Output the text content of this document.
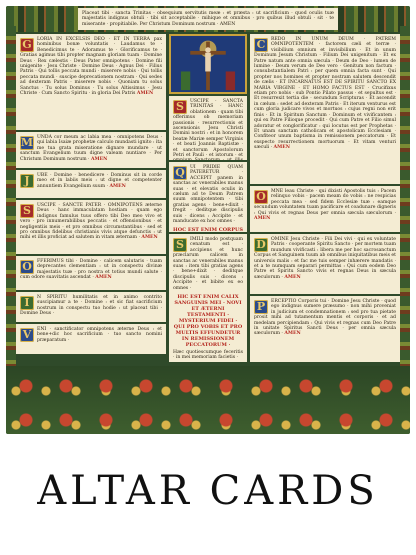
Placeat tibi · sancta Trinitas · obsequium servitutis meæ : et præsta : ut sacrificium · quod oculis tuæ majestatis indignus obtuli · tibi sit acceptabile · mihique et omnibus · pro quibus illud obtuli · sit · te miserante · propitiabile. Per Christum Dominum nostrum · AMEN

G	LORIA IN EXCELSIS DEO · ET IN TERRA pax hominibus bonæ voluntatis · Laudamus te · Benedicimus te · Adoramus te · Glorificamus te · Gratias agimus tibi propter magnam gloriam tuam · Domine Deus · Rex cælestis · Deus Pater omnipotens · Domine fili unigenite · Jesu Christe · Domine Deus · Agnus Dei · Filius Patris · Qui tollis peccata mundi · miserere nobis · Qui tollis peccata mundi · suscipe deprecationem nostram · Qui sedes ad dexteram Patris · miserere nobis · Quoniam tu solus Sanctus · Tu solus Dominus · Tu solus Altissimus · Jesu Christe · Cum Sancto Spiritu · in gloria Dei Patris AMEN

M UNDA cor meum ac labia mea · omnipotens Deus · qui labia Isaiæ prophetæ calculo mundasti ignito : ita me tua grata miseratione dignare mundare · ut sanctum Evangelium tuum digne valeam nuntiare · Per Christum Dominum nostrum · AMEN

J	UBE · Domine · benedicere · Dominus sit in corde meo et in labiis meis : ut digne et competenter annuntiem Evangelium suum · AMEN

S	USCIPE · SANCTE PATER · OMNIPOTENS æterne Deus · hanc immaculatam hostiam · quam ego indignus famulus tuus offero tibi Deo meo vivo et vero · pro innumerabilibus peccatis · et offensionibus · et negligentiis meis · et pro omnibus circumstantibus · sed et pro omnibus fidelibus christianis vivis atque defunctis : ut mihi et illis proficiat ad salutem in vitam æternam · AMEN

O	FFERIMUS tibi · Domine · calicem salutaris · tuam deprecantes clementiam : ut in conspectu divinæ majestatis tuæ · pro nostra et totius mundi salute · cum odore suavitatis ascendat · AMEN

I	N SPIRITU humilitatis et in animo contrito suscipiamur a te · Domine : et sic fiat sacrificium nostrum in conspectu tuo hodie : ut placeat tibi · Domine Deus ·

V	ENI · sanctificator omnipotens æterne Deus : et bene+dic hoc sacrificium · tuo sancto nomini præparatum ·

S	USCIPE · SANCTA TRINITAS · HANC oblationem · quam tibi offerimus ob memoriam passionis · resurrectionis et ascensionis Jesu Christi Domini nostri : et in honorem beatæ Mariæ semper Virginis · et beati Joannis Baptistæ · et sanctorum Apostolorum Petri et Pauli · et istorum · et

Q	UI PRIDIE QUAM PATERETUR · ACCEPIT panem in sanctas ac venerabiles manus suas · et elevatis oculis in cælum ad te Deum Patrem suum omnipotentem · tibi gratias agens · bene+dixit · fregit · deditque discipulis suis · dicens : Accipite · et manducate ex hoc omnes ·

HOC EST ENIM CORPUS
S	IMILI modo postquam cenatum est · accipiens et hunc præclarum calicem in sanctas ac venerabiles manus suas : item tibi gratias agens · bene+dixit · deditque discipulis suis · dicens : Accipite · et bibite ex eo omnes ·

HIC EST ENIM CALIX SANGUINIS MEI · NOVI ET ÆTERNI TESTAMENTI · MYSTERIUM FIDEI · QUI PRO VOBIS ET PRO MULTIS EFFUNDETUR IN REMISSIONEM PECCATORUM ·

Hæc quotiescumque feceritis · in mei memoriam facietis ·

C	REDO IN UNUM DEUM · PATREM OMNIPOTENTEM · factorem cæli et terræ · visibilium omnium et invisibilium · Et in unum Dominum Jesum Christum · Filium Dei unigenitum · Et ex Patre natum ante omnia sæcula · Deum de Deo · lumen de lumine · Deum verum de Deo vero · Genitum non factum · consubstantialem Patri : per quem omnia facta sunt · Qui propter nos homines et propter nostram salutem descendit de cælis · ET INCARNATUS EST DE SPIRITU SANCTO EX MARIA VIRGINE · ET HOMO FACTUS EST · Crucifixus etiam pro nobis · sub Pontio Pilato passus · et sepultus est · Et resurrexit tertia die · secundum Scripturas · Et ascendit in cælum : sedet ad dexteram Patris · Et iterum venturus est cum gloria judicare vivos et mortuos : cujus regni non erit finis · Et in Spiritum Sanctum · Dominum et vivificantem : qui ex Patre Filioque procedit · Qui cum Patre et Filio simul adoratur et conglorificatur : qui locutus est per Prophetas · Et unam sanctam catholicam et apostolicam Ecclesiam · Confiteor unum baptisma in remissionem peccatorum · Et exspecto resurrectionem mortuorum · Et vitam venturi sæculi · AMEN

O	MNE leau Christe · qui dixisti Apostolis tuis : Pacem relinquo vobis · pacem meam do vobis : ne respicias peccata mea · sed fidem Ecclesiæ tuæ : eamque secundum voluntatem tuam pacificare et coadunare digneris : Qui vivis et regnas Deus per omnia sæcula sæculorum · AMEN

D	OMINE Jesu Christe · Fili Dei vivi · qui ex voluntate Patris · cooperante Spiritu Sancto · per mortem tuam mundum vivificasti : libera me per hoc sacrosanctum Corpus et Sanguinem tuum ab omnibus iniquitatibus meis et universis malis : et fac me tuis semper inhærere mandatis · et a te numquam separari permittas : Qui cum eodem Deo Patre et Spiritu Sancto vivis et regnas Deus in sæcula sæculorum · AMEN

P	ERCEPTIO Corporis tui · Domine Jesu Christe · quod ego indignus sumere præsumo · non mihi proveniat in judicium et condemnationem : sed pro tua pietate prosit mihi ad tutamentum mentis et corporis · et ad medelam percipiendam : Qui vivis et regnas cum Deo Patre in unitate Spiritus Sancti Deus · per omnia sæcula sæculorum · AMEN

ALTAR CARDS
